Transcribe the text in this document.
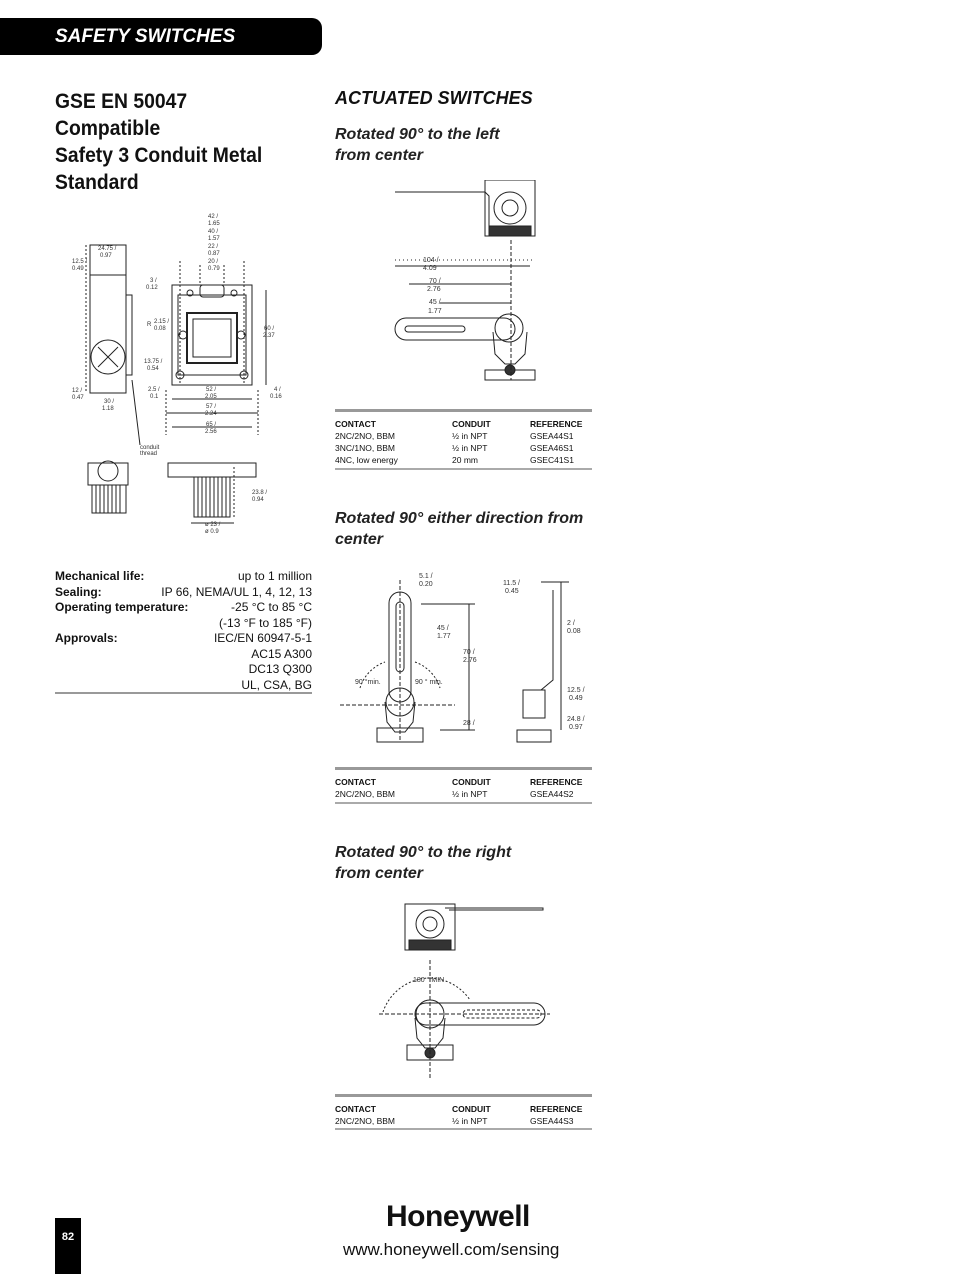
SAFETY SWITCHES
GSE EN 50047 Compatible
Safety 3 Conduit Metal
Standard
ACTUATED SWITCHES
42 /
1.65
40 /
1.57
22 /
0.87
20 /
0.79
24.75 /
0.97
12.5 /
0.49
3 /
0.12
R 2.15 /
0.08	60 /
2.37
13.75 /
0.54
2.5 /
0.1
52 /
2.05
4 /
0.16
57 /
2.24
65 /
2.56
12 /
0.47
30 /
1.18
conduit
thread
23.8 /
0.94
ø 23 /
ø 0.9
Mechanical life:	up to 1 million
Sealing:	IP 66, NEMA/UL 1, 4, 12, 13
Operating temperature:	-25 °C to 85 °C
(-13 °F to 185 °F)
Approvals:	IEC/EN 60947-5-1
AC15 A300
DC13 Q300
UL, CSA, BG
Rotated 90° to the left
from center
104 /
4.09
70 /
2.76
45 /
1.77
CONTACT	CONDUIT	REFERENCE
2NC/2NO, BBM	½ in NPT	GSEA44S1
3NC/1NO, BBM	½ in NPT	GSEA46S1
4NC, low energy	20 mm	GSEC41S1
Rotated 90° either direction from
center
5.1 /
0.20
45 /
1.77
70 /
2.76
90 °min.	90 ° min.
28 /
11.5 /
0.45
2 /
0.08
12.5 /
0.49
24.8 /
0.97
CONTACT	CONDUIT	REFERENCE
2NC/2NO, BBM	½ in NPT	GSEA44S2
Rotated 90° to the right
from center
180 ° MIN
CONTACT	CONDUIT	REFERENCE
2NC/2NO, BBM	½ in NPT	GSEA44S3
82
Honeywell
www.honeywell.com/sensing
